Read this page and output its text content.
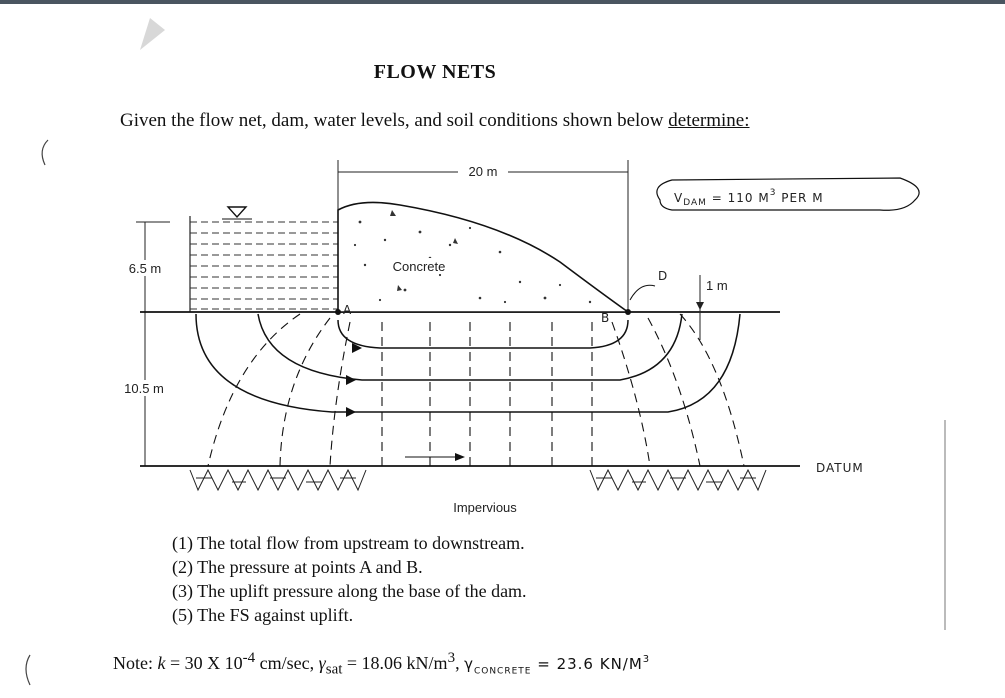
FLOW NETS
Given the flow net, dam, water levels, and soil conditions shown below determine:
20 m
6.5 m
10.5 m
1 m
Concrete
A
B
D
$V_{DAM} = 110$ $M^3$ PER M
DATUM
Impervious
(1) The total flow from upstream to downstream.
(2) The pressure at points A and B.
(3) The uplift pressure along the base of the dam.
(5) The FS against uplift.
Note: k = 30 X $10^{-4}$ cm/sec, $\gamma_{sat} = 18.06$ $kN/m^3$, $\gamma_{CONCRETE} = 23.6$ $KN/M^3$
